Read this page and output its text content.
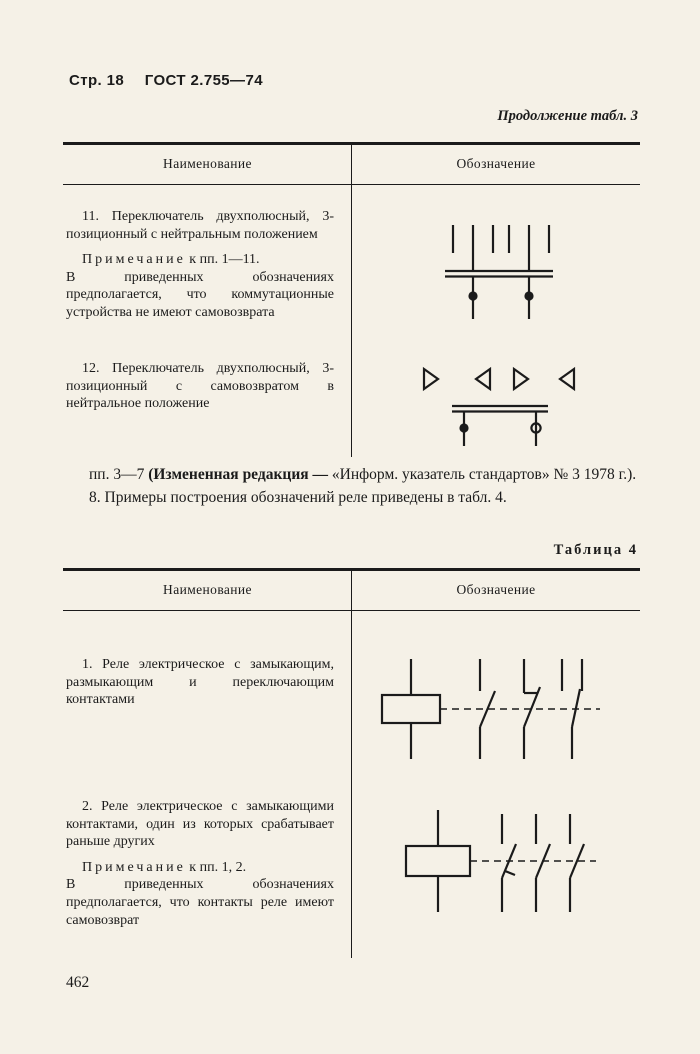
Стр. 18 ГОСТ 2.755—74
Продолжение табл. 3
Наименование	Обозначение

11. Переключатель двухполюсный, 3-позиционный с нейтральным положением

Примечание к пп. 1—11.
В приведенных обозначениях предполагается, что коммутационные устройства не имеют самовозврата

12. Переключатель двухполюсный, 3-позиционный с самовозвратом в нейтральное положение

пп. 3—7 (Измененная редакция — «Информ. указатель стандартов» № 3 1978 г.).

8. Примеры построения обозначений реле приведены в табл. 4.

Таблица 4
Наименование	Обозначение

1. Реле электрическое с замыкающим, размыкающим и переключающим контактами

2. Реле электрическое с замыкающими контактами, один из которых срабатывает раньше других

Примечание к пп. 1, 2.
В приведенных обозначениях предполагается, что контакты реле имеют самовозврат
462
